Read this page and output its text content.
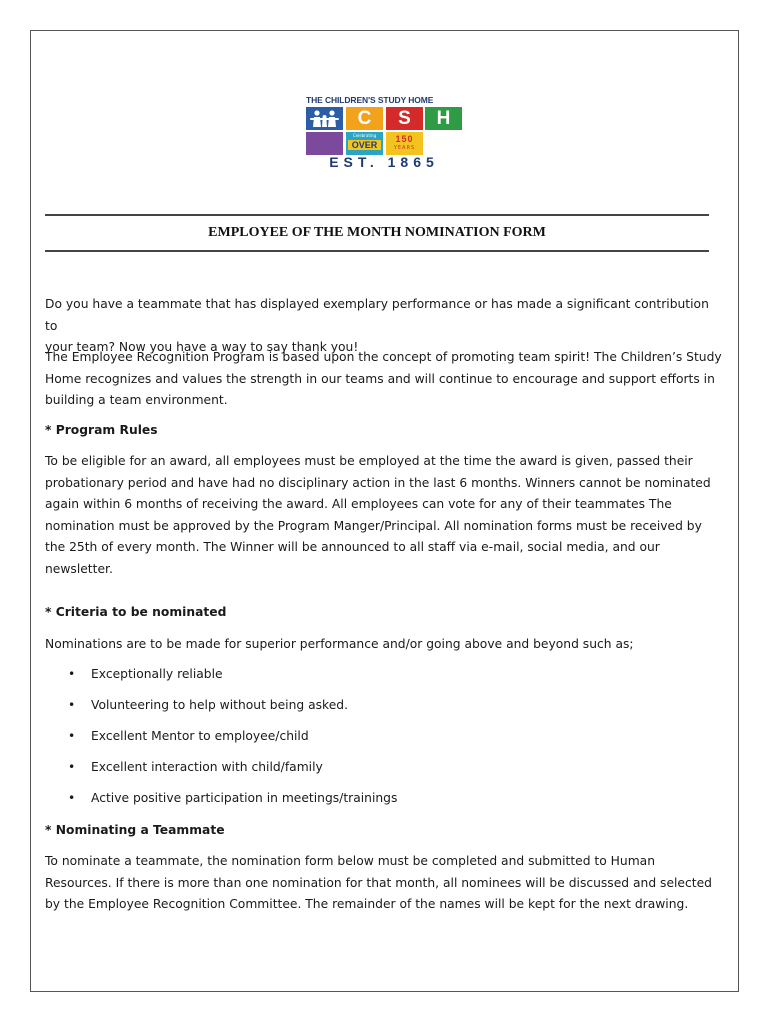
THE CHILDREN'S STUDY HOME
C	S	H
Celebrating
OVER
150
YEARS
EST. 1865
EMPLOYEE OF THE MONTH NOMINATION FORM
Do you have a teammate that has displayed exemplary performance or has made a significant contribution to
your team? Now you have a way to say thank you!
The Employee Recognition Program is based upon the concept of promoting team spirit! The Children’s Study
Home recognizes and values the strength in our teams and will continue to encourage and support efforts in
building a team environment.
* Program Rules
To be eligible for an award, all employees must be employed at the time the award is given, passed their
probationary period and have had no disciplinary action in the last 6 months. Winners cannot be nominated
again within 6 months of receiving the award. All employees can vote for any of their teammates The
nomination must be approved by the Program Manger/Principal. All nomination forms must be received by
the 25th of every month. The Winner will be announced to all staff via e-mail, social media, and our
newsletter.
* Criteria to be nominated
Nominations are to be made for superior performance and/or going above and beyond such as;
• Exceptionally reliable
• Volunteering to help without being asked.
• Excellent Mentor to employee/child
• Excellent interaction with child/family
• Active positive participation in meetings/trainings
* Nominating a Teammate
To nominate a teammate, the nomination form below must be completed and submitted to Human
Resources. If there is more than one nomination for that month, all nominees will be discussed and selected
by the Employee Recognition Committee. The remainder of the names will be kept for the next drawing.
